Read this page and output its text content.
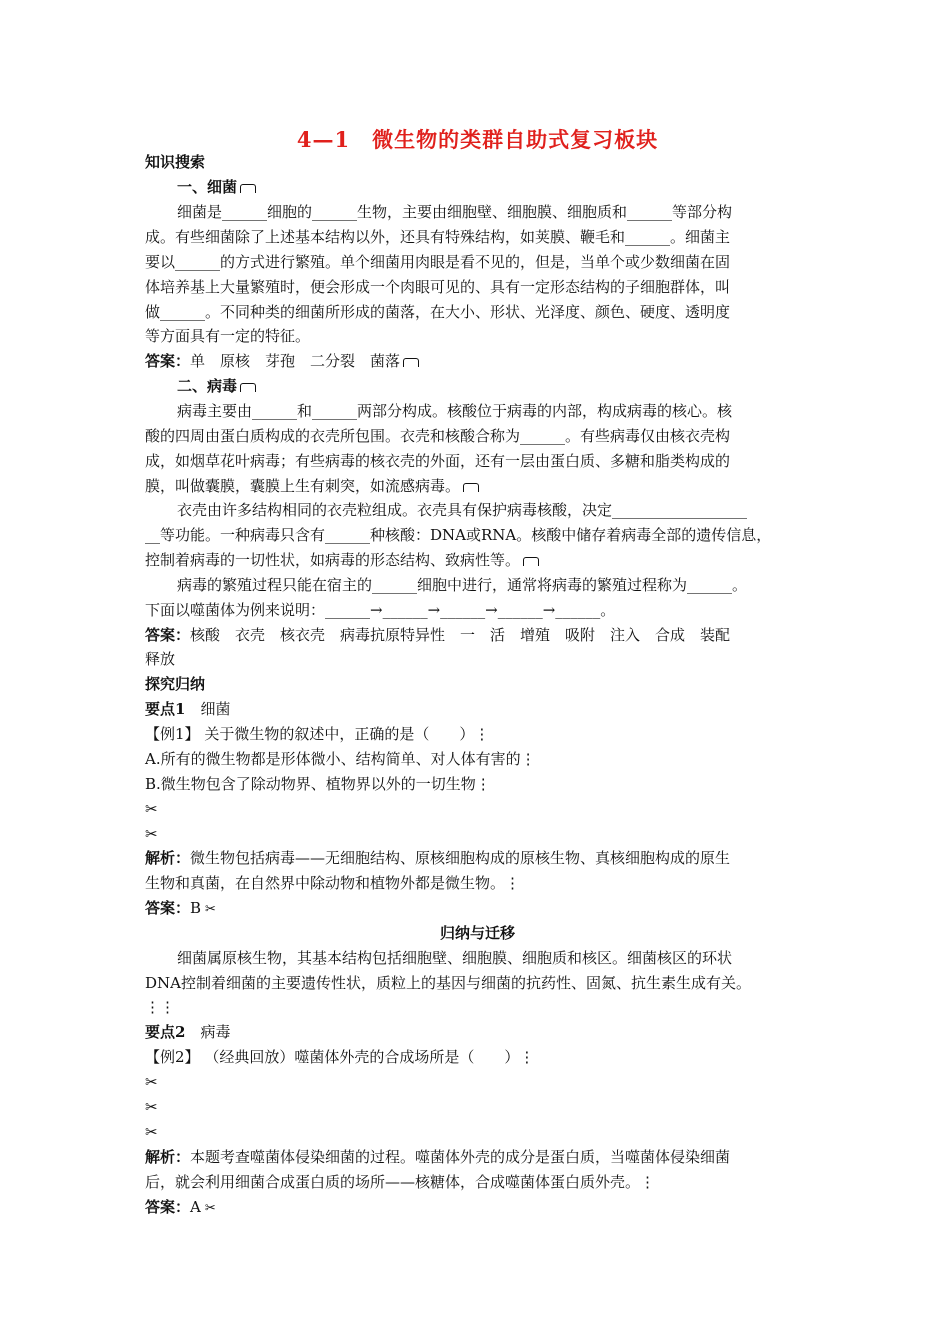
4—1　微生物的类群自助式复习板块
知识搜索
一、细菌
细菌是______细胞的______生物，主要由细胞壁、细胞膜、细胞质和______等部分构
成。有些细菌除了上述基本结构以外，还具有特殊结构，如荚膜、鞭毛和______。细菌主
要以______的方式进行繁殖。单个细菌用肉眼是看不见的，但是，当单个或少数细菌在固
体培养基上大量繁殖时，便会形成一个肉眼可见的、具有一定形态结构的子细胞群体，叫
做______。不同种类的细菌所形成的菌落，在大小、形状、光泽度、颜色、硬度、透明度
等方面具有一定的特征。
答案：单　原核　芽孢　二分裂　菌落
二、病毒
病毒主要由______和______两部分构成。核酸位于病毒的内部，构成病毒的核心。核
酸的四周由蛋白质构成的衣壳所包围。衣壳和核酸合称为______。有些病毒仅由核衣壳构
成，如烟草花叶病毒；有些病毒的核衣壳的外面，还有一层由蛋白质、多糖和脂类构成的
膜，叫做囊膜，囊膜上生有刺突，如流感病毒。
衣壳由许多结构相同的衣壳粒组成。衣壳具有保护病毒核酸，决定__________________
__等功能。一种病毒只含有______种核酸：DNA或RNA。核酸中储存着病毒全部的遗传信息，
控制着病毒的一切性状，如病毒的形态结构、致病性等。
病毒的繁殖过程只能在宿主的______细胞中进行，通常将病毒的繁殖过程称为______。
下面以噬菌体为例来说明：______→______→______→______→______。
答案：核酸　衣壳　核衣壳　病毒抗原特异性　一　活　增殖　吸附　注入　合成　装配
释放
探究归纳
要点1　 细菌
【例1】 关于微生物的叙述中，正确的是（　　）⋮
A.所有的微生物都是形体微小、结构简单、对人体有害的⋮
B.微生物包含了除动物界、植物界以外的一切生物⋮
✂
✂
解析：微生物包括病毒——无细胞结构、原核细胞构成的原核生物、真核细胞构成的原生
生物和真菌，在自然界中除动物和植物外都是微生物。⋮
答案：B ✂
归纳与迁移
细菌属原核生物，其基本结构包括细胞壁、细胞膜、细胞质和核区。细菌核区的环状
DNA控制着细菌的主要遗传性状，质粒上的基因与细菌的抗药性、固氮、抗生素生成有关。
⋮⋮
要点2　 病毒
【例2】 （经典回放）噬菌体外壳的合成场所是（　　）⋮
✂
✂
✂
解析：本题考查噬菌体侵染细菌的过程。噬菌体外壳的成分是蛋白质，当噬菌体侵染细菌
后，就会利用细菌合成蛋白质的场所——核糖体，合成噬菌体蛋白质外壳。⋮
答案：A ✂
